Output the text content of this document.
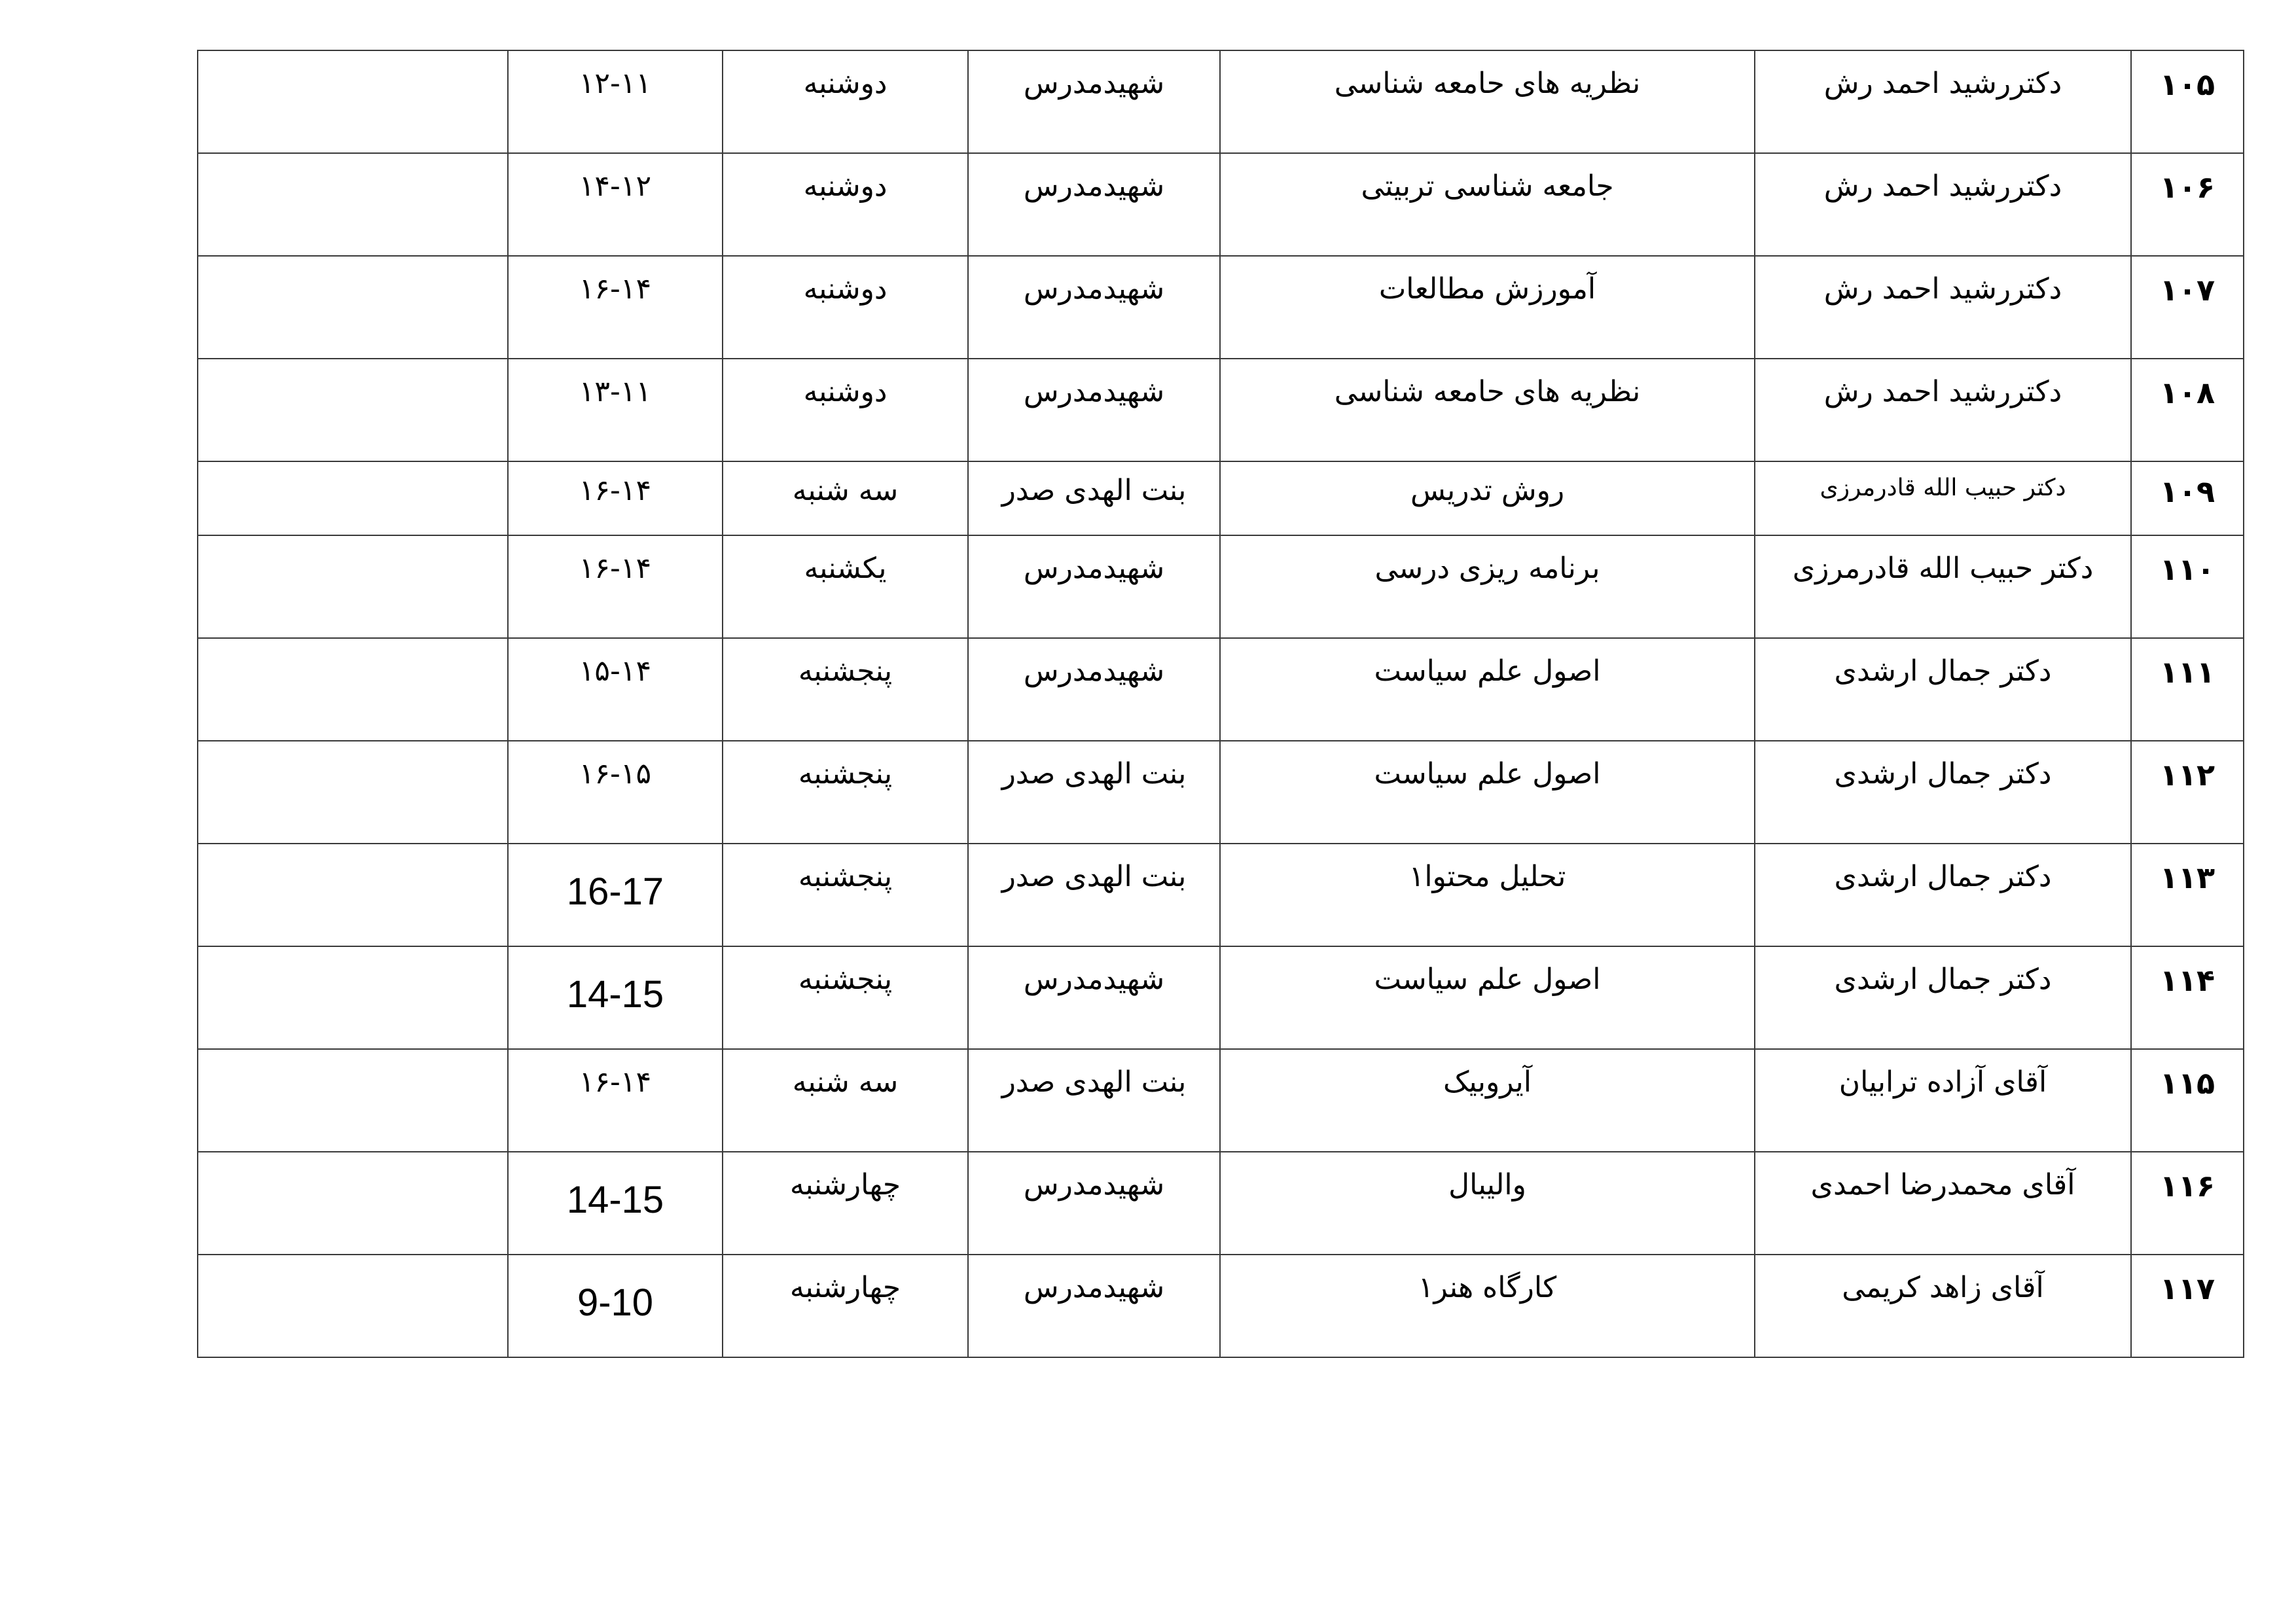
	۱۲-۱۱	دوشنبه	شهیدمدرس	نظریه های حامعه شناسی	دکتررشید احمد رش	۱۰۵

	۱۴-۱۲	دوشنبه	شهیدمدرس	جامعه شناسی تربیتی	دکتررشید احمد رش	۱۰۶

	۱۶-۱۴	دوشنبه	شهیدمدرس	آمورزش مطالعات	دکتررشید احمد رش	۱۰۷

	۱۳-۱۱	دوشنبه	شهیدمدرس	نظریه های حامعه شناسی	دکتررشید احمد رش	۱۰۸

	۱۶-۱۴	سه شنبه	بنت الهدی صدر	روش تدریس	دکتر حبیب الله قادرمرزی	۱۰۹

	۱۶-۱۴	یکشنبه	شهیدمدرس	برنامه ریزی درسی	دکتر حبیب الله قادرمرزی	۱۱۰

	۱۵-۱۴	پنجشنبه	شهیدمدرس	اصول علم سیاست	دکتر جمال ارشدی	۱۱۱

	۱۶-۱۵	پنجشنبه	بنت الهدی صدر	اصول علم سیاست	دکتر جمال ارشدی	۱۱۲

	16-17	پنجشنبه	بنت الهدی صدر	تحلیل محتوا۱	دکتر جمال ارشدی	۱۱۳

	14-15	پنجشنبه	شهیدمدرس	اصول علم سیاست	دکتر جمال ارشدی	۱۱۴

	۱۶-۱۴	سه شنبه	بنت الهدی صدر	آیروبیک	آقای آزاده ترابیان	۱۱۵

	14-15	چهارشنبه	شهیدمدرس	والیبال	آقای محمدرضا احمدی	۱۱۶

	9-10	چهارشنبه	شهیدمدرس	کارگاه هنر۱	آقای زاهد کریمی	۱۱۷
